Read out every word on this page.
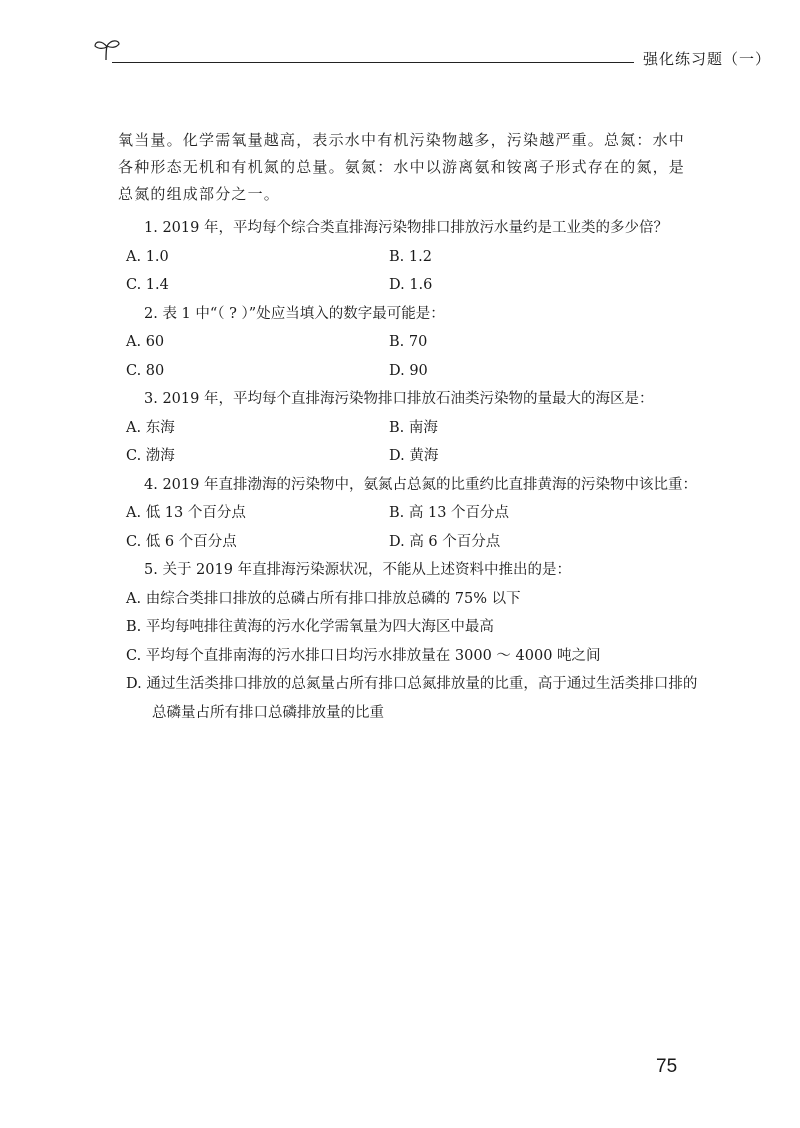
强化练习题（一）
氧当量。化学需氧量越高，表示水中有机污染物越多，污染越严重。总氮：水中各种形态无机和有机氮的总量。氨氮：水中以游离氨和铵离子形式存在的氮，是总氮的组成部分之一。
1. 2019 年，平均每个综合类直排海污染物排口排放污水量约是工业类的多少倍？
A. 1.0	B. 1.2
C. 1.4	D. 1.6
2. 表 1 中“（ ? ）”处应当填入的数字最可能是：
A. 60	B. 70
C. 80	D. 90
3. 2019 年，平均每个直排海污染物排口排放石油类污染物的量最大的海区是：
A. 东海	B. 南海
C. 渤海	D. 黄海
4. 2019 年直排渤海的污染物中，氨氮占总氮的比重约比直排黄海的污染物中该比重：
A. 低 13 个百分点	B. 高 13 个百分点
C. 低 6 个百分点	D. 高 6 个百分点
5. 关于 2019 年直排海污染源状况，不能从上述资料中推出的是：
A. 由综合类排口排放的总磷占所有排口排放总磷的 75% 以下
B. 平均每吨排往黄海的污水化学需氧量为四大海区中最高
C. 平均每个直排南海的污水排口日均污水排放量在 3000 ～ 4000 吨之间
D. 通过生活类排口排放的总氮量占所有排口总氮排放量的比重，高于通过生活类排口排的总磷量占所有排口总磷排放量的比重
75
